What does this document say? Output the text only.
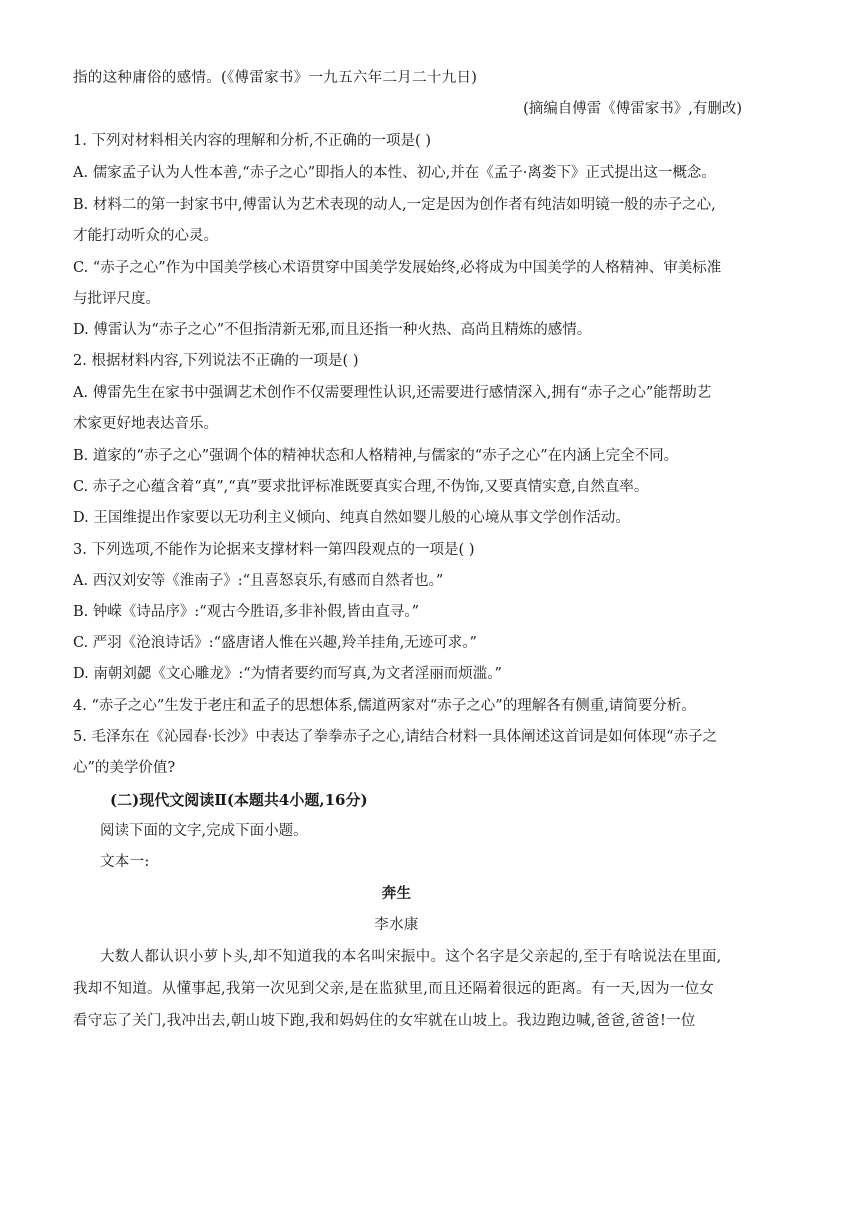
指的这种庸俗的感情。(《傅雷家书》一九五六年二月二十九日)
(摘编自傅雷《傅雷家书》,有删改)
1. 下列对材料相关内容的理解和分析,不正确的一项是( )
A. 儒家孟子认为人性本善,“赤子之心”即指人的本性、初心,并在《孟子·离娄下》正式提出这一概念。
B. 材料二的第一封家书中,傅雷认为艺术表现的动人,一定是因为创作者有纯洁如明镜一般的赤子之心,
才能打动听众的心灵。
C. “赤子之心”作为中国美学核心术语贯穿中国美学发展始终,必将成为中国美学的人格精神、审美标准
与批评尺度。
D. 傅雷认为“赤子之心”不但指清新无邪,而且还指一种火热、高尚且精炼的感情。
2. 根据材料内容,下列说法不正确的一项是( )
A. 傅雷先生在家书中强调艺术创作不仅需要理性认识,还需要进行感情深入,拥有“赤子之心”能帮助艺
术家更好地表达音乐。
B. 道家的“赤子之心”强调个体的精神状态和人格精神,与儒家的“赤子之心”在内涵上完全不同。
C. 赤子之心蕴含着“真”,“真”要求批评标准既要真实合理,不伪饰,又要真情实意,自然直率。
D. 王国维提出作家要以无功利主义倾向、纯真自然如婴儿般的心境从事文学创作活动。
3. 下列选项,不能作为论据来支撑材料一第四段观点的一项是( )
A. 西汉刘安等《淮南子》:“且喜怒哀乐,有感而自然者也。”
B. 钟嵘《诗品序》:“观古今胜语,多非补假,皆由直寻。”
C. 严羽《沧浪诗话》:“盛唐诸人惟在兴趣,羚羊挂角,无迹可求。”
D. 南朝刘勰《文心雕龙》:“为情者要约而写真,为文者淫丽而烦滥。”
4. “赤子之心”生发于老庄和孟子的思想体系,儒道两家对“赤子之心”的理解各有侧重,请简要分析。
5. 毛泽东在《沁园春·长沙》中表达了拳拳赤子之心,请结合材料一具体阐述这首词是如何体现“赤子之
心”的美学价值?
(二)现代文阅读Ⅱ(本题共4小题,16分)
阅读下面的文字,完成下面小题。
文本一:
奔生
李水康
大数人都认识小萝卜头,却不知道我的本名叫宋振中。这个名字是父亲起的,至于有啥说法在里面,
我却不知道。从懂事起,我第一次见到父亲,是在监狱里,而且还隔着很远的距离。有一天,因为一位女
看守忘了关门,我冲出去,朝山坡下跑,我和妈妈住的女牢就在山坡上。我边跑边喊,爸爸,爸爸!一位
